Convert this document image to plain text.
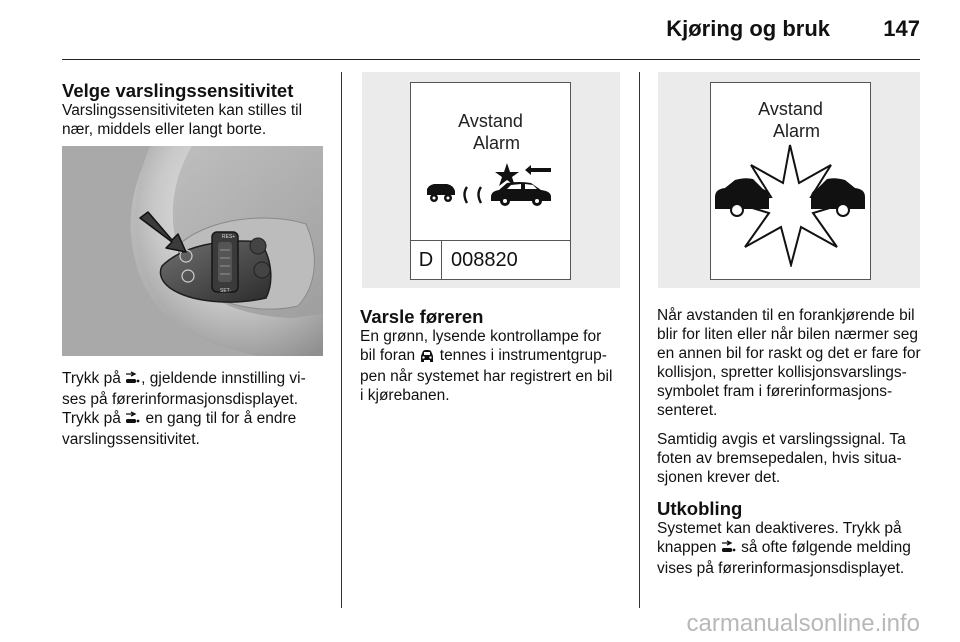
Kjøring og bruk 147
Velge varslingssensitivitet
Varslingssensitiviteten kan stilles til
nær, middels eller langt borte.
RES+
SET-

Trykk på , gjeldende innstilling vi-
ses på førerinformasjonsdisplayet.

Trykk på  en gang til for å endre
varslingssensitivitet.

Avstand
Alarm
D 008820
Varsle føreren
En grønn, lysende kontrollampe for
bil foran  tennes i instrumentgrup-
pen når systemet har registrert en bil
i kjørebanen.
Avstand
Alarm

Når avstanden til en forankjørende bil
blir for liten eller når bilen nærmer seg
en annen bil for raskt og det er fare for
kollisjon, spretter kollisjonsvarslings-
symbolet fram i førerinformasjons-
senteret.

Samtidig avgis et varslingssignal. Ta
foten av bremsepedalen, hvis situa-
sjonen krever det.

Utkobling
Systemet kan deaktiveres. Trykk på
knappen  så ofte følgende melding
vises på førerinformasjonsdisplayet.
carmanualsonline.info
